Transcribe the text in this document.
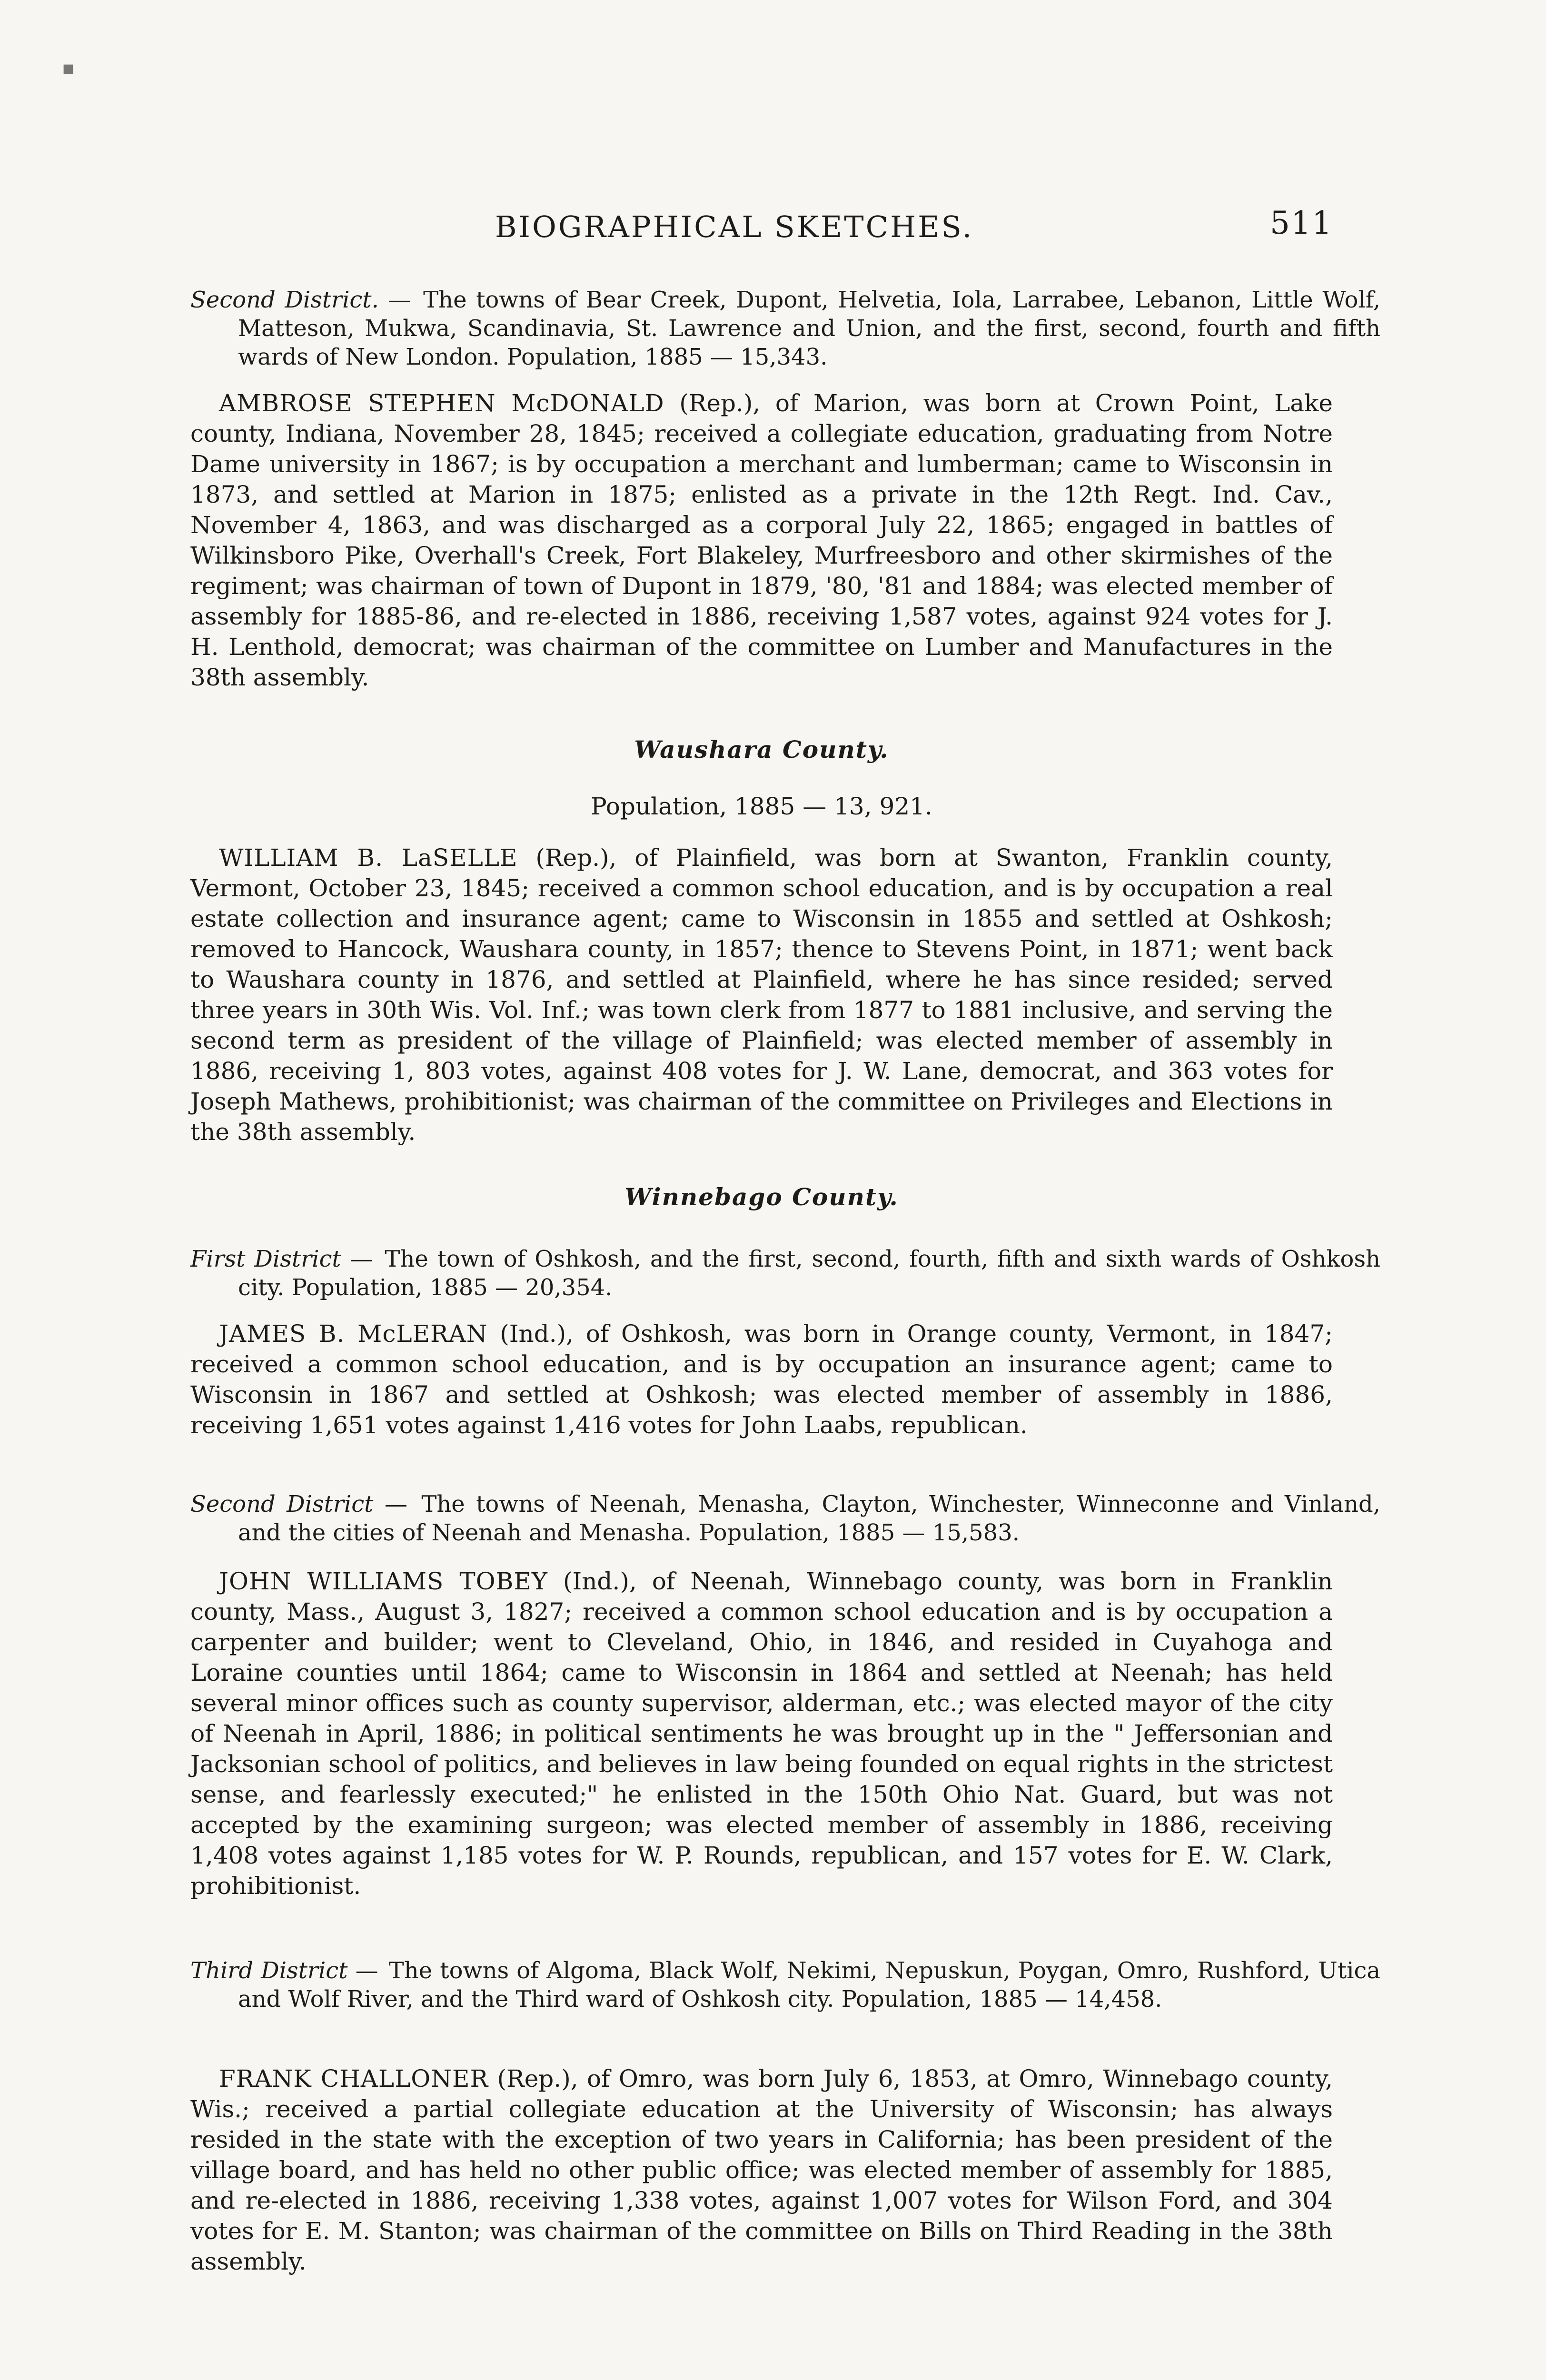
▪
BIOGRAPHICAL SKETCHES.	511
Second District. — The towns of Bear Creek, Dupont, Helvetia, Iola, Larrabee, Lebanon, Little Wolf, Matteson, Mukwa, Scandinavia, St. Lawrence and Union, and the first, second, fourth and fifth wards of New London. Population, 1885 — 15,343.
AMBROSE STEPHEN McDONALD (Rep.), of Marion, was born at Crown Point, Lake county, Indiana, November 28, 1845; received a collegiate education, graduating from Notre Dame university in 1867; is by occupation a merchant and lumberman; came to Wisconsin in 1873, and settled at Marion in 1875; enlisted as a private in the 12th Regt. Ind. Cav., November 4, 1863, and was discharged as a corporal July 22, 1865; engaged in battles of Wilkinsboro Pike, Overhall's Creek, Fort Blakeley, Murfreesboro and other skirmishes of the regiment; was chairman of town of Dupont in 1879, '80, '81 and 1884; was elected member of assembly for 1885-86, and re-elected in 1886, receiving 1,587 votes, against 924 votes for J. H. Lenthold, democrat; was chairman of the committee on Lumber and Manufactures in the 38th assembly.
Waushara County.
Population, 1885 — 13, 921.
WILLIAM B. LaSELLE (Rep.), of Plainfield, was born at Swanton, Franklin county, Vermont, October 23, 1845; received a common school education, and is by occupation a real estate collection and insurance agent; came to Wisconsin in 1855 and settled at Oshkosh; removed to Hancock, Waushara county, in 1857; thence to Stevens Point, in 1871; went back to Waushara county in 1876, and settled at Plainfield, where he has since resided; served three years in 30th Wis. Vol. Inf.; was town clerk from 1877 to 1881 inclusive, and serving the second term as president of the village of Plainfield; was elected member of assembly in 1886, receiving 1, 803 votes, against 408 votes for J. W. Lane, democrat, and 363 votes for Joseph Mathews, prohibitionist; was chairman of the committee on Privileges and Elections in the 38th assembly.
Winnebago County.
First District — The town of Oshkosh, and the first, second, fourth, fifth and sixth wards of Oshkosh city. Population, 1885 — 20,354.
JAMES B. McLERAN (Ind.), of Oshkosh, was born in Orange county, Vermont, in 1847; received a common school education, and is by occupation an insurance agent; came to Wisconsin in 1867 and settled at Oshkosh; was elected member of assembly in 1886, receiving 1,651 votes against 1,416 votes for John Laabs, republican.
Second District — The towns of Neenah, Menasha, Clayton, Winchester, Winneconne and Vinland, and the cities of Neenah and Menasha. Population, 1885 — 15,583.
JOHN WILLIAMS TOBEY (Ind.), of Neenah, Winnebago county, was born in Franklin county, Mass., August 3, 1827; received a common school education and is by occupation a carpenter and builder; went to Cleveland, Ohio, in 1846, and resided in Cuyahoga and Loraine counties until 1864; came to Wisconsin in 1864 and settled at Neenah; has held several minor offices such as county supervisor, alderman, etc.; was elected mayor of the city of Neenah in April, 1886; in political sentiments he was brought up in the " Jeffersonian and Jacksonian school of politics, and believes in law being founded on equal rights in the strictest sense, and fearlessly executed;" he enlisted in the 150th Ohio Nat. Guard, but was not accepted by the examining surgeon; was elected member of assembly in 1886, receiving 1,408 votes against 1,185 votes for W. P. Rounds, republican, and 157 votes for E. W. Clark, prohibitionist.
Third District — The towns of Algoma, Black Wolf, Nekimi, Nepuskun, Poygan, Omro, Rushford, Utica and Wolf River, and the Third ward of Oshkosh city. Population, 1885 — 14,458.
FRANK CHALLONER (Rep.), of Omro, was born July 6, 1853, at Omro, Winnebago county, Wis.; received a partial collegiate education at the University of Wisconsin; has always resided in the state with the exception of two years in California; has been president of the village board, and has held no other public office; was elected member of assembly for 1885, and re-elected in 1886, receiving 1,338 votes, against 1,007 votes for Wilson Ford, and 304 votes for E. M. Stanton; was chairman of the committee on Bills on Third Reading in the 38th assembly.
